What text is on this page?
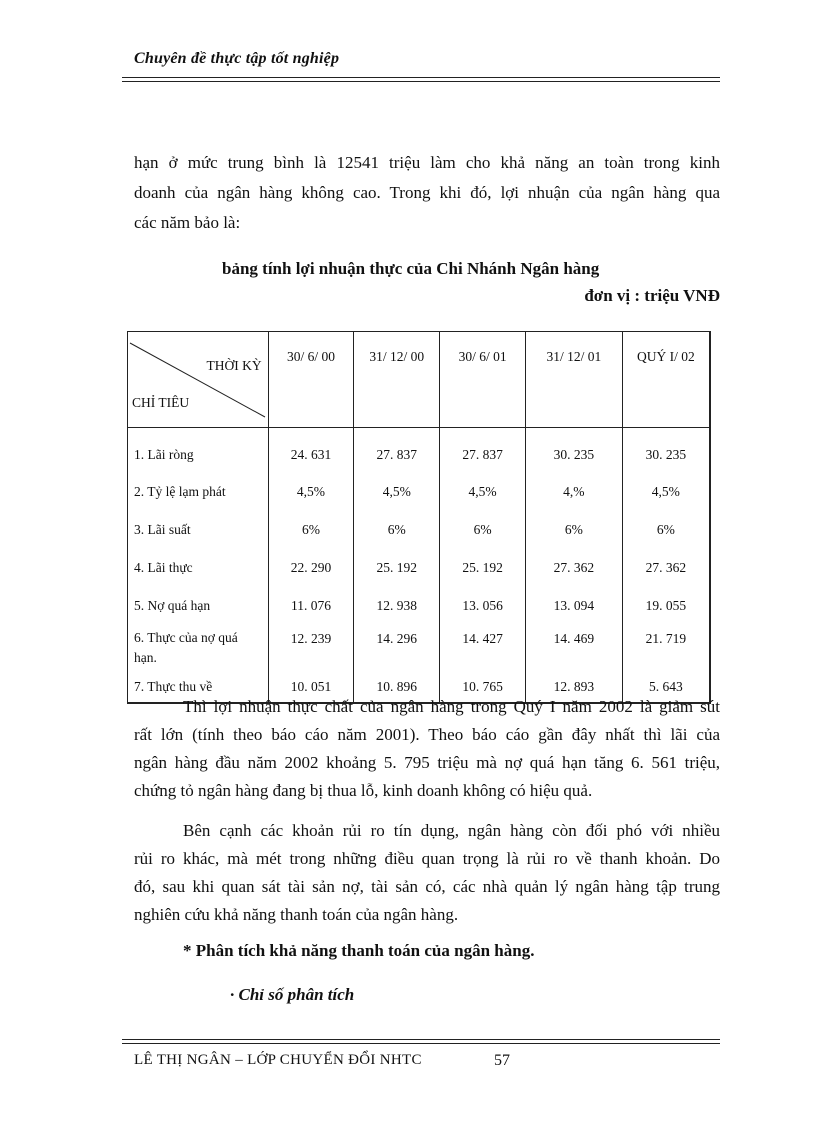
Chuyên đề thực tập tốt nghiệp
hạn ở mức trung bình là 12541 triệu làm cho khả năng an toàn trong kinh
doanh của ngân hàng không cao. Trong khi đó, lợi nhuận của ngân hàng qua
các năm bảo là:
bảng tính lợi nhuận thực của Chi Nhánh Ngân hàng
đơn vị : triệu VNĐ
THỜI KỲ
CHỈ TIÊU	30/ 6/ 00	31/ 12/ 00	30/ 6/ 01	31/ 12/ 01	QUÝ I/ 02
1. Lãi ròng	24. 631	27. 837	27. 837	30. 235	30. 235
2. Tỷ lệ lạm phát	4,5%	4,5%	4,5%	4,%	4,5%
3. Lãi suất	6%	6%	6%	6%	6%
4. Lãi thực	22. 290	25. 192	25. 192	27. 362	27. 362
5. Nợ quá hạn	11. 076	12. 938	13. 056	13. 094	19. 055
6. Thực của nợ quá hạn.	12. 239	14. 296	14. 427	14. 469	21. 719
7. Thực thu về	10. 051	10. 896	10. 765	12. 893	5. 643
Thì lợi nhuận thực chất của ngân hàng trong Quý I năm 2002 là giảm sút
rất lớn (tính theo báo cáo năm 2001). Theo báo cáo gần đây nhất thì lãi của
ngân hàng đầu năm 2002 khoảng 5. 795 triệu mà nợ quá hạn tăng 6. 561 triệu,
chứng tỏ ngân hàng đang bị thua lỗ, kinh doanh không có hiệu quả.
Bên cạnh các khoản rủi ro tín dụng, ngân hàng còn đối phó với nhiều
rủi ro khác, mà mét trong những điều quan trọng là rủi ro về thanh khoản. Do
đó, sau khi quan sát tài sản nợ, tài sản có, các nhà quản lý ngân hàng tập trung
nghiên cứu khả năng thanh toán của ngân hàng.
* Phân tích khả năng thanh toán của ngân hàng.
· Chỉ số phân tích
LÊ THỊ NGÂN – LỚP CHUYỂN ĐỔI NHTC	57
